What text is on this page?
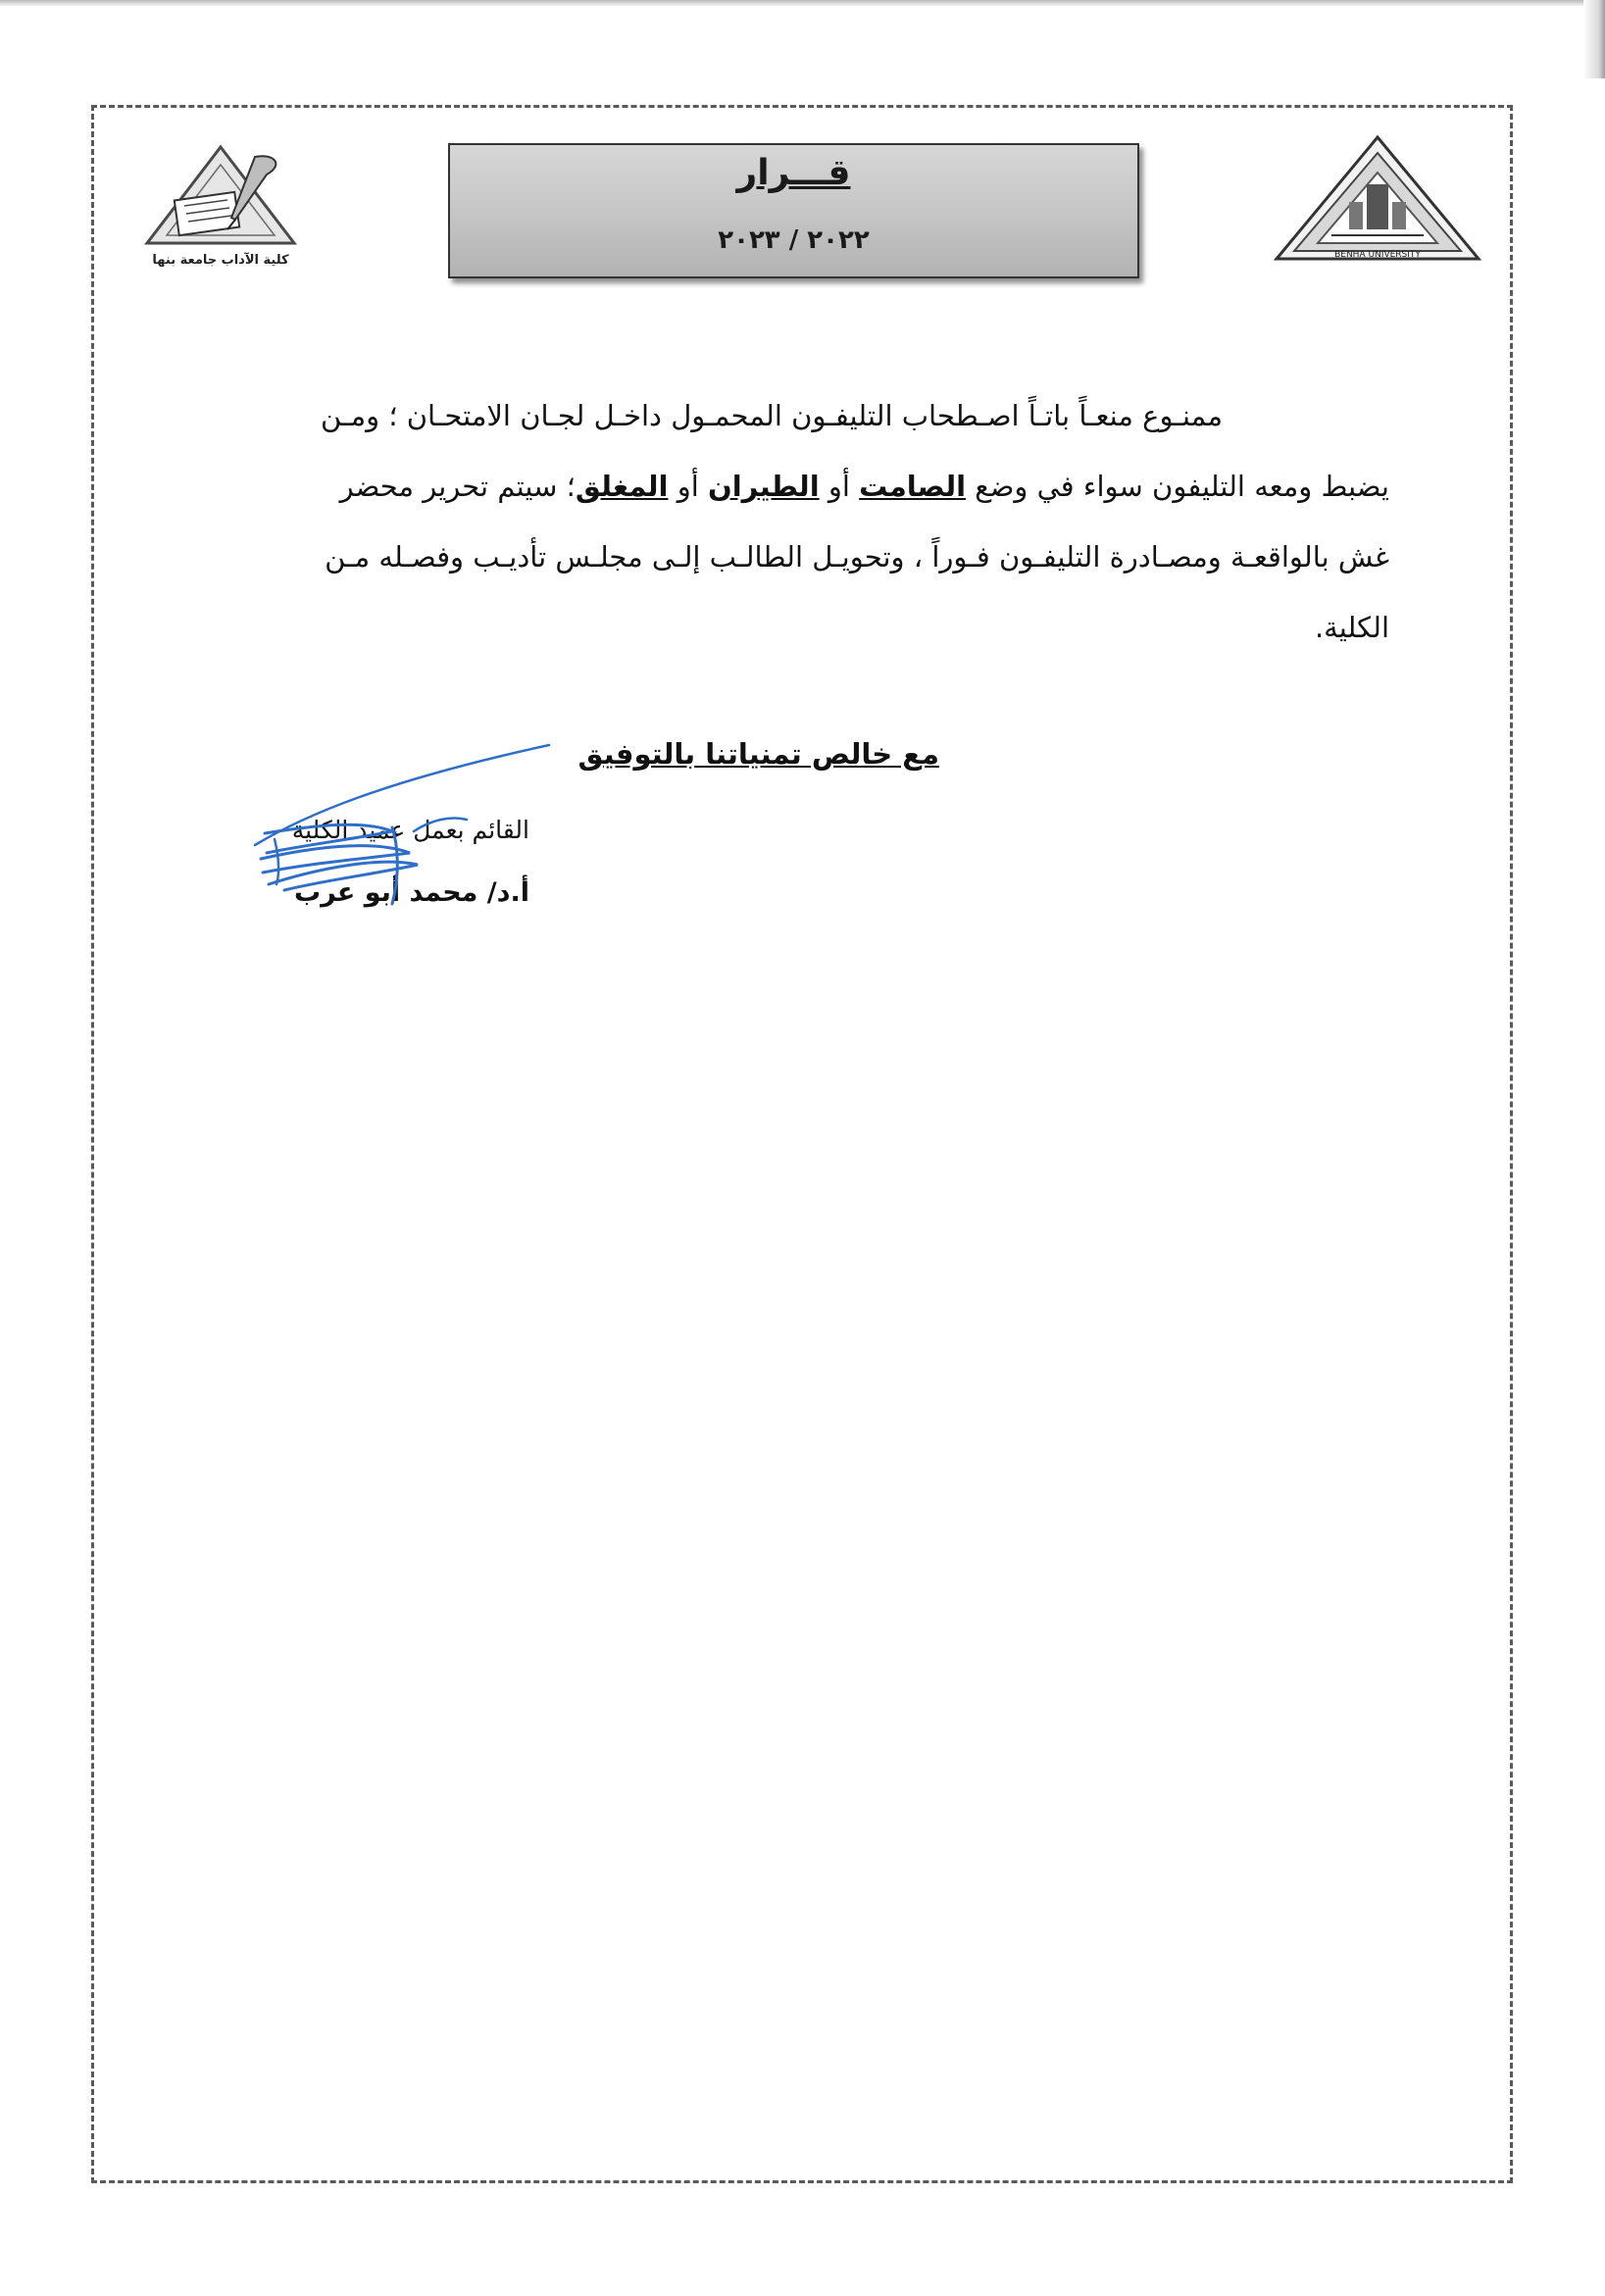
كلية الآداب جامعة بنها	BENHA UNIVERSITY
قـــرار
٢٠٢٢ / ٢٠٢٣

ممنـوع منعـاً باتـاً اصـطحاب التليفـون المحمـول داخـل لجـان الامتحـان ؛ ومـن

يضبط ومعه التليفون سواء في وضع الصامت أو الطيران أو المغلق؛ سيتم تحرير محضر

غش بالواقعـة ومصـادرة التليفـون فـوراً ، وتحويـل الطالـب إلـى مجلـس تأديـب وفصـله مـن

الكلية.

مع خالص تمنياتنا بالتوفيق
القائم بعمل عميد الكلية
أ.د/ محمد أبو عرب
